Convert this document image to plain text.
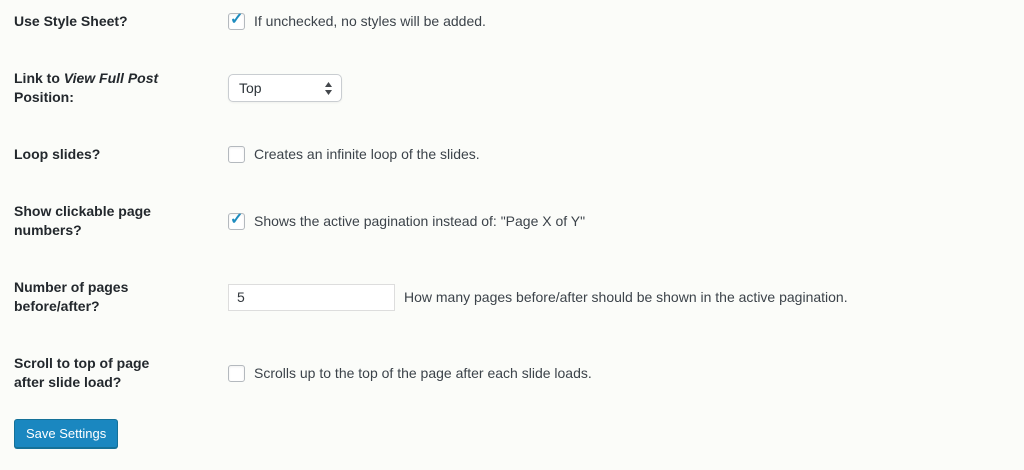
Use Style Sheet?	✓ If unchecked, no styles will be added.
Link to View Full Post
Position:
Top
Loop slides?	Creates an infinite loop of the slides.
Show clickable page
numbers?
✓ Shows the active pagination instead of: "Page X of Y"
Number of pages
before/after?
5
How many pages before/after should be shown in the active pagination.
Scroll to top of page
after slide load?
Scrolls up to the top of the page after each slide loads.
Save Settings
